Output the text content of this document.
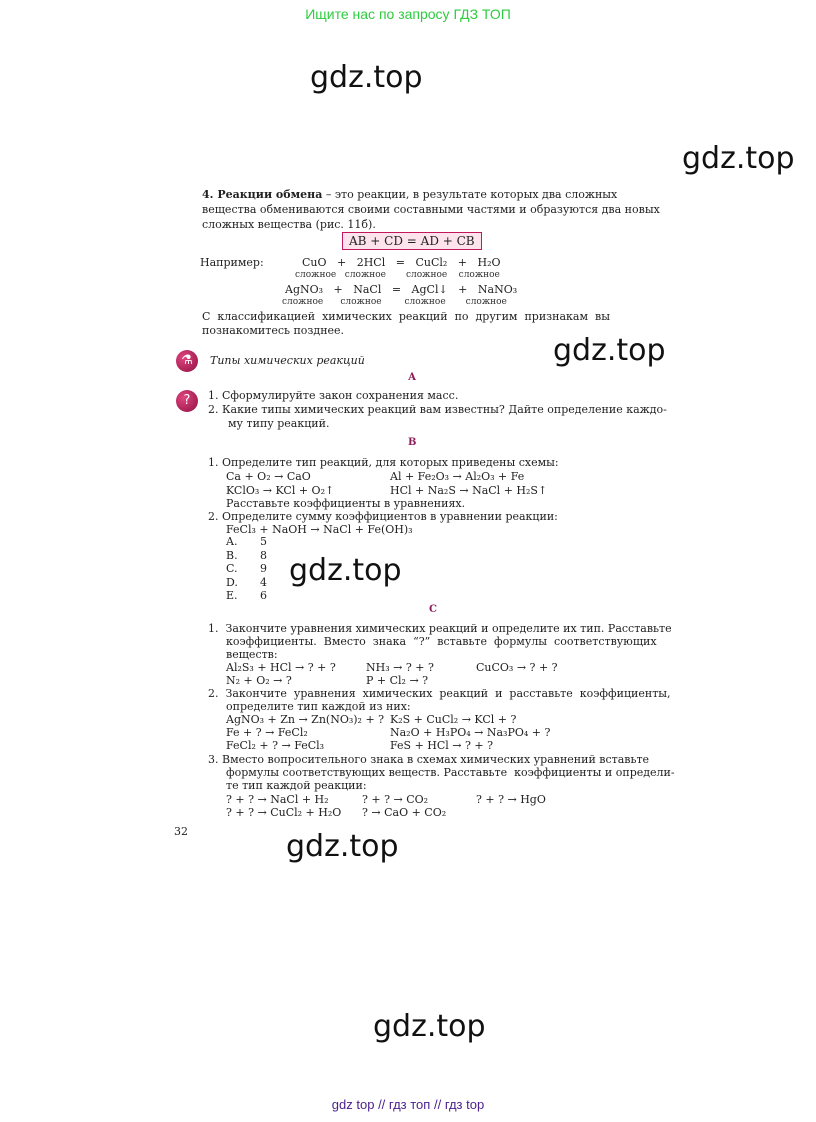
Ищите нас по запросу ГДЗ ТОП
gdz.top
gdz.top
gdz.top
gdz.top
gdz.top
gdz.top
4. Реакции обмена – это реакции, в результате которых два сложных
вещества обмениваются своими составными частями и образуются два новых
сложных вещества (рис. 11б).
AB + CD = AD + CB
Например:	CuO   +   2HCl   =   CuCl₂   +   H₂O
сложное   сложное       сложное    сложное
AgNO₃   +   NaCl   =   AgCl↓   +   NaNO₃
сложное      сложное        сложное       сложное
С  классификацией  химических  реакций  по  другим  признакам  вы
познакомитесь позднее.
⚗	Типы химических реакций
А
?	1. Сформулируйте закон сохранения масс.
2. Какие типы химических реакций вам известны? Дайте определение каждо-
му типу реакций.
В
1. Определите тип реакций, для которых приведены схемы:
Ca + O₂ → CaO	Al + Fe₂O₃ → Al₂O₃ + Fe
KClO₃ → KCl + O₂↑	HCl + Na₂S → NaCl + H₂S↑
Расставьте коэффициенты в уравнениях.
2. Определите сумму коэффициентов в уравнении реакции:
FeCl₃ + NaOH → NaCl + Fe(OH)₃
A. 5
B. 8
C. 9
D. 4
E. 6
С
1.  Закончите уравнения химических реакций и определите их тип. Расставьте
коэффициенты.  Вместо  знака  “?”  вставьте  формулы  соответствующих
веществ:
Al₂S₃ + HCl → ? + ?	NH₃ → ? + ?	CuCO₃ → ? + ?
N₂ + O₂ → ?	P + Cl₂ → ?
2.  Закончите  уравнения  химических  реакций  и  расставьте  коэффициенты,
определите тип каждой из них:
AgNO₃ + Zn → Zn(NO₃)₂ + ? K₂S + CuCl₂ → KCl + ?
Fe + ? → FeCl₂	Na₂O + H₃PO₄ → Na₃PO₄ + ?
FeCl₂ + ? → FeCl₃	FeS + HCl → ? + ?
3. Вместо вопросительного знака в схемах химических уравнений вставьте
формулы соответствующих веществ. Расставьте  коэффициенты и определи-
те тип каждой реакции:
? + ? → NaCl + H₂	? + ? → CO₂	? + ? → HgO
? + ? → CuCl₂ + H₂O ? → CaO + CO₂
32
gdz top // гдз топ // гдз top
